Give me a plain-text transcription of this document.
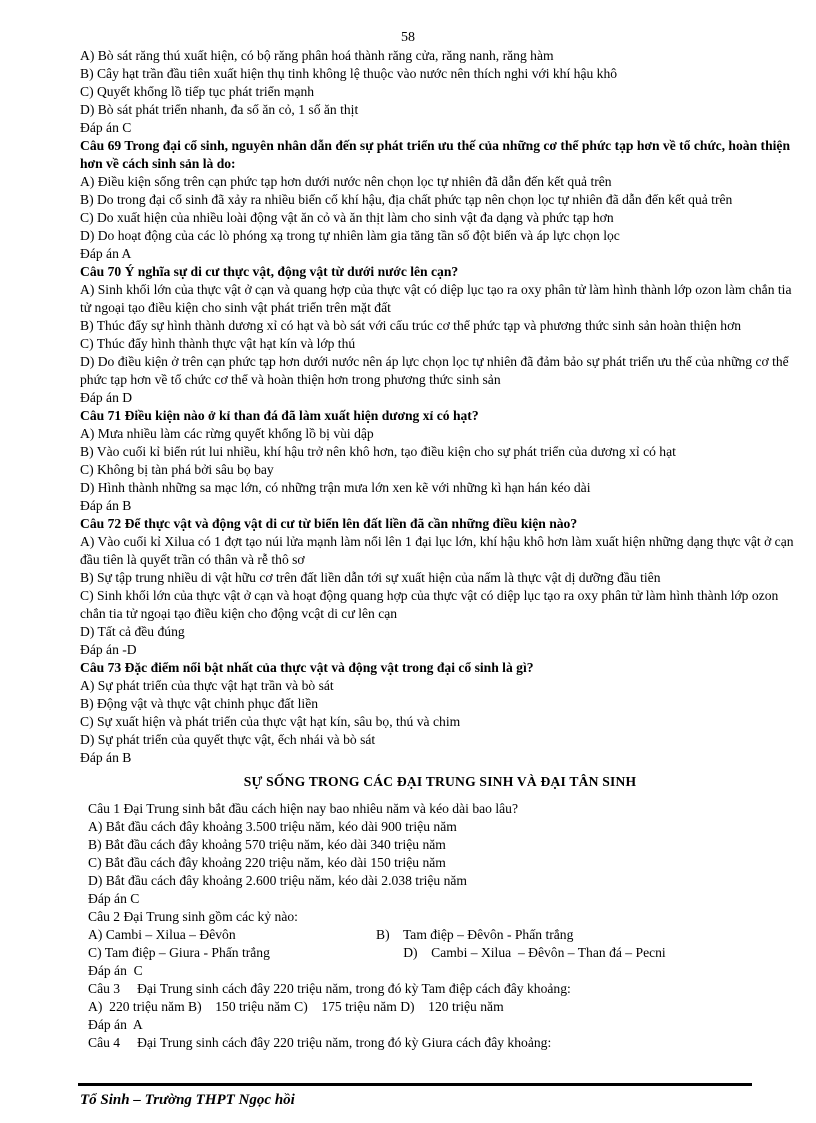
58
A) Bò sát răng thú xuất hiện, có bộ răng phân hoá thành răng cửa, răng nanh, răng hàm
B) Cây hạt trần đầu tiên xuất hiện thụ tinh không lệ thuộc vào nước nên thích nghi với khí hậu khô
C) Quyết khổng lồ tiếp tục phát triển mạnh
D) Bò sát phát triển nhanh, đa số ăn cỏ, 1 số ăn thịt
Đáp án C
Câu 69 Trong đại cổ sinh, nguyên nhân dẫn đến sự phát triển ưu thế của những cơ thể phức tạp hơn về tổ chức, hoàn thiện hơn về cách sinh sản là do:
A) Điều kiện sống trên cạn phức tạp hơn dưới nước nên chọn lọc tự nhiên đã dẫn đến kết quả trên
B) Do trong đại cổ sinh đã xảy ra nhiều biến cố khí hậu, địa chất phức tạp nên chọn lọc tự nhiên đã dẫn đến kết quả trên
C) Do xuất hiện của nhiều loài động vật ăn cỏ và ăn thịt làm cho sinh vật đa dạng và phức tạp hơn
D) Do hoạt động của các lò phóng xạ trong tự nhiên làm gia tăng tần số đột biến và áp lực chọn lọc
Đáp án A
Câu 70 Ý nghĩa sự di cư thực vật, động vật từ dưới nước lên cạn?
A) Sinh khối lớn của thực vật ở cạn và quang hợp của thực vật có diệp lục tạo ra oxy phân tử làm hình thành lớp ozon làm chắn tia tử ngoại tạo điều kiện cho sinh vật phát triển trên mặt đất
B) Thúc đẩy sự hình thành dương xỉ có hạt và bò sát với cấu trúc cơ thể phức tạp và phương thức sinh sản hoàn thiện hơn
C) Thúc đẩy hình thành thực vật hạt kín và lớp thú
D) Do điều kiện ở trên cạn phức tạp hơn dưới nước nên áp lực chọn lọc tự nhiên đã đảm bảo sự phát triển ưu thế của những cơ thể phức tạp hơn về tổ chức cơ thể và hoàn thiện hơn trong phương thức sinh sản
Đáp án D
Câu 71 Điều kiện nào ở kỉ than đá đã làm xuất hiện dương xỉ có hạt?
A) Mưa nhiều làm các rừng quyết khổng lồ bị vùi dập
B) Vào cuối kỉ biển rút lui nhiều, khí hậu trở nên khô hơn, tạo điều kiện cho sự phát triển của dương xỉ có hạt
C) Không bị tàn phá bởi sâu bọ bay
D) Hình thành những sa mạc lớn, có những trận mưa lớn xen kẽ với những kì hạn hán kéo dài
Đáp án B
Câu 72 Để thực vật và động vật di cư từ biển lên đất liền đã cần những điều kiện nào?
A) Vào cuối kỉ Xilua có 1 đợt tạo núi lửa mạnh làm nổi lên 1 đại lục lớn, khí hậu khô hơn làm xuất hiện những dạng thực vật ở cạn đầu tiên là quyết trần có thân và rễ thô sơ
B) Sự tập trung nhiều di vật hữu cơ trên đất liền dẫn tới sự xuất hiện của nấm là thực vật dị dưỡng đầu tiên
C) Sinh khối lớn của thực vật ở cạn và hoạt động quang hợp của thực vật có diệp lục tạo ra oxy phân tử làm hình thành lớp ozon chắn tia tử ngoại tạo điều kiện cho động vcật di cư lên cạn
D) Tất cả đều đúng
Đáp án -D
Câu 73 Đặc điểm nổi bật nhất của thực vật và động vật trong đại cổ sinh là gì?
A) Sự phát triển của thực vật hạt trần và bò sát
B) Động vật và thực vật chinh phục đất liền
C) Sự xuất hiện và phát triển của thực vật hạt kín, sâu bọ, thú và chim
D) Sự phát triển của quyết thực vật, ếch nhái và bò sát
Đáp án B
SỰ SỐNG TRONG CÁC ĐẠI TRUNG SINH VÀ ĐẠI TÂN SINH
Câu 1 Đại Trung sinh bắt đầu cách hiện nay bao nhiêu năm và kéo dài bao lâu?
A) Bắt đầu cách đây khoảng 3.500 triệu năm, kéo dài 900 triệu năm
B) Bắt đầu cách đây khoảng 570 triệu năm, kéo dài 340 triệu năm
C) Bắt đầu cách đây khoảng 220 triệu năm, kéo dài 150 triệu năm
D) Bắt đầu cách đây khoảng 2.600 triệu năm, kéo dài 2.038 triệu năm
Đáp án C
Câu 2 Đại Trung sinh gồm các kỷ nào:
A) Cambi – Xilua – Đêvôn	B)    Tam điệp – Đêvôn - Phấn trắng
C) Tam điệp – Giura - Phấn trắng	D)    Cambi – Xilua  – Đêvôn – Than đá – Pecni
Đáp án  C
Câu 3     Đại Trung sinh cách đây 220 triệu năm, trong đó kỳ Tam điệp cách đây khoảng:
A)  220 triệu năm B)    150 triệu năm C)    175 triệu năm D)    120 triệu năm
Đáp án  A
Câu 4     Đại Trung sinh cách đây 220 triệu năm, trong đó kỳ Giura cách đây khoảng:
Tổ Sinh – Trường THPT Ngọc hồi
